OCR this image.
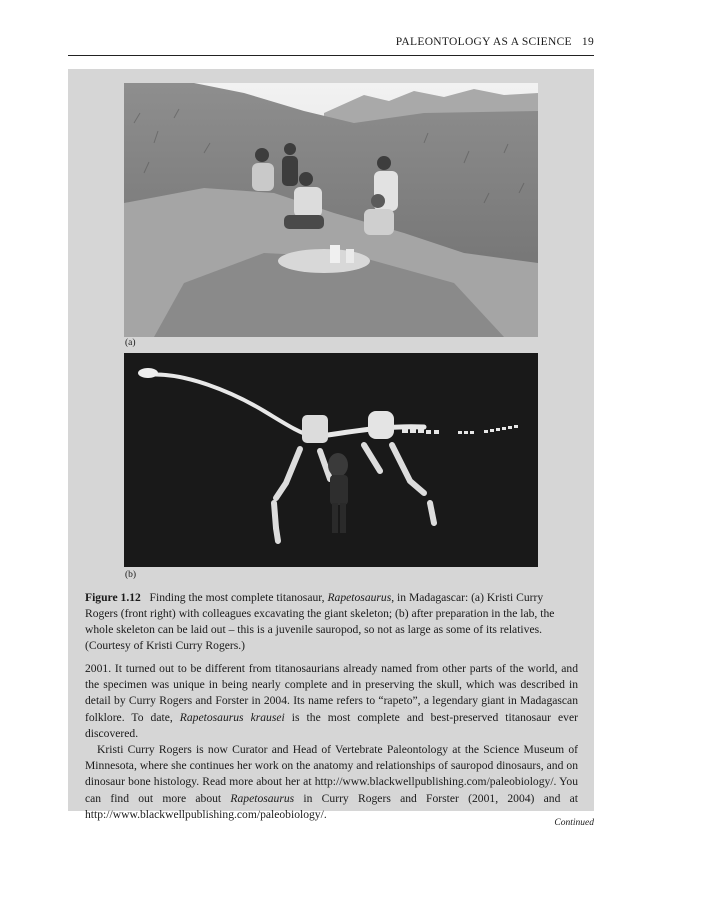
PALEONTOLOGY AS A SCIENCE 19
(a)
(b)
Figure 1.12 Finding the most complete titanosaur, Rapetosaurus, in Madagascar: (a) Kristi Curry Rogers (front right) with colleagues excavating the giant skeleton; (b) after preparation in the lab, the whole skeleton can be laid out – this is a juvenile sauropod, so not as large as some of its relatives. (Courtesy of Kristi Curry Rogers.)

2001. It turned out to be different from titanosaurians already named from other parts of the world, and the specimen was unique in being nearly complete and in preserving the skull, which was described in detail by Curry Rogers and Forster in 2004. Its name refers to “rapeto”, a legendary giant in Madagascan folklore. To date, Rapetosaurus krausei is the most complete and best-preserved titanosaur ever discovered.

Kristi Curry Rogers is now Curator and Head of Vertebrate Paleontology at the Science Museum of Minnesota, where she continues her work on the anatomy and relationships of sauropod dinosaurs, and on dinosaur bone histology. Read more about her at http://www.blackwellpublishing.com/paleobiology/. You can find out more about Rapetosaurus in Curry Rogers and Forster (2001, 2004) and at http://www.blackwellpublishing.com/paleobiology/.

Continued
